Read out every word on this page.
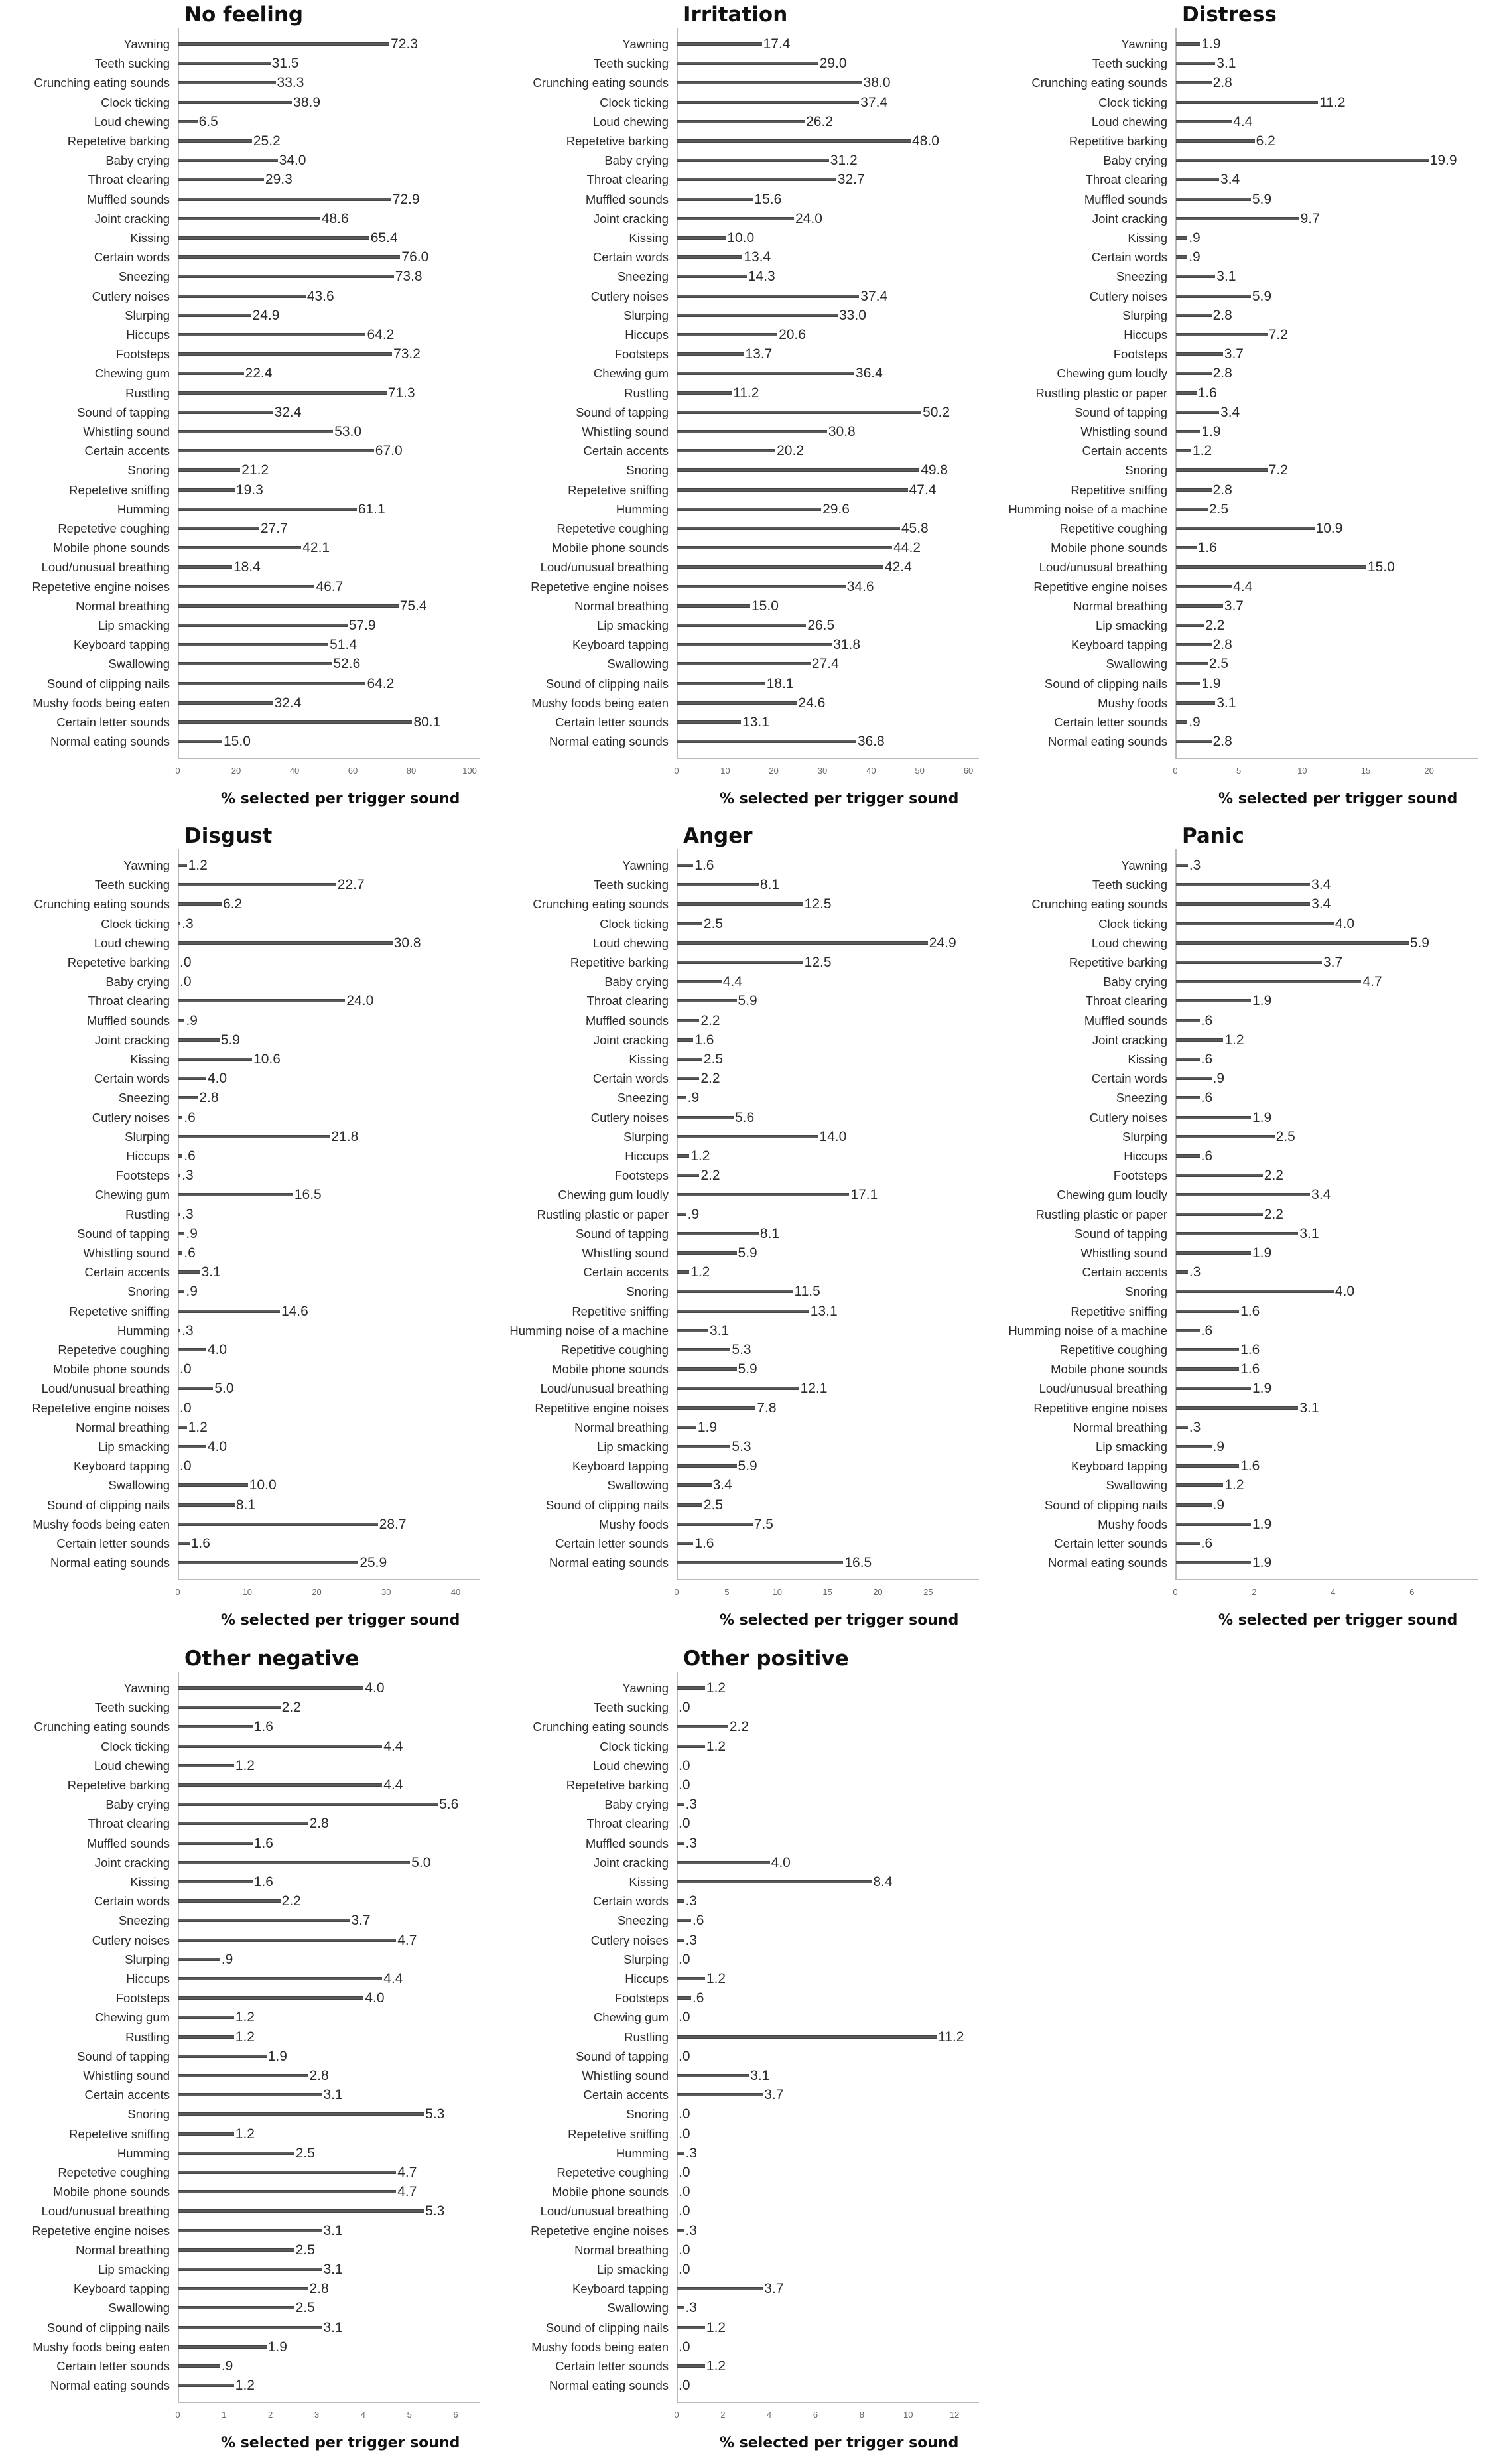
No feeling
Yawning	72.3
Teeth sucking	31.5
Crunching eating sounds	33.3
Clock ticking	38.9
Loud chewing 6.5
Repetetive barking	25.2
Baby crying	34.0
Throat clearing	29.3
Muffled sounds	72.9
Joint cracking	48.6
Kissing	65.4
Certain words	76.0
Sneezing	73.8
Cutlery noises	43.6
Slurping	24.9
Hiccups	64.2
Footsteps	73.2
Chewing gum	22.4
Rustling	71.3
Sound of tapping	32.4
Whistling sound	53.0
Certain accents	67.0
Snoring	21.2
Repetetive sniffing	19.3
Humming	61.1
Repetetive coughing	27.7
Mobile phone sounds	42.1
Loud/unusual breathing	18.4
Repetetive engine noises	46.7
Normal breathing	75.4
Lip smacking	57.9
Keyboard tapping	51.4
Swallowing	52.6
Sound of clipping nails	64.2
Mushy foods being eaten	32.4
Certain letter sounds	80.1
Normal eating sounds	15.0
0	20	40	60	80	100
% selected per trigger sound
Irritation
Yawning	17.4
Teeth sucking	29.0
Crunching eating sounds	38.0
Clock ticking	37.4
Loud chewing	26.2
Repetetive barking	48.0
Baby crying	31.2
Throat clearing	32.7
Muffled sounds	15.6
Joint cracking	24.0
Kissing	10.0
Certain words	13.4
Sneezing	14.3
Cutlery noises	37.4
Slurping	33.0
Hiccups	20.6
Footsteps	13.7
Chewing gum	36.4
Rustling	11.2
Sound of tapping	50.2
Whistling sound	30.8
Certain accents	20.2
Snoring	49.8
Repetetive sniffing	47.4
Humming	29.6
Repetetive coughing	45.8
Mobile phone sounds	44.2
Loud/unusual breathing	42.4
Repetetive engine noises	34.6
Normal breathing	15.0
Lip smacking	26.5
Keyboard tapping	31.8
Swallowing	27.4
Sound of clipping nails	18.1
Mushy foods being eaten	24.6
Certain letter sounds	13.1
Normal eating sounds	36.8
0	10	20	30	40	50	60
% selected per trigger sound
Distress
Yawning 1.9
Teeth sucking	3.1
Crunching eating sounds	2.8
Clock ticking	11.2
Loud chewing	4.4
Repetitive barking	6.2
Baby crying	19.9
Throat clearing	3.4
Muffled sounds	5.9
Joint cracking	9.7
Kissing .9
Certain words .9
Sneezing	3.1
Cutlery noises	5.9
Slurping	2.8
Hiccups	7.2
Footsteps	3.7
Chewing gum loudly	2.8
Rustling plastic or paper 1.6
Sound of tapping	3.4
Whistling sound 1.9
Certain accents 1.2
Snoring	7.2
Repetitive sniffing	2.8
Humming noise of a machine	2.5
Repetitive coughing	10.9
Mobile phone sounds 1.6
Loud/unusual breathing	15.0
Repetitive engine noises	4.4
Normal breathing	3.7
Lip smacking	2.2
Keyboard tapping	2.8
Swallowing	2.5
Sound of clipping nails 1.9
Mushy foods	3.1
Certain letter sounds .9
Normal eating sounds	2.8
0	5	10	15	20
% selected per trigger sound
Disgust
Yawning 1.2
Teeth sucking	22.7
Crunching eating sounds	6.2
Clock ticking .3
Loud chewing	30.8
Repetetive barking .0
Baby crying .0
Throat clearing	24.0
Muffled sounds .9
Joint cracking	5.9
Kissing	10.6
Certain words	4.0
Sneezing 2.8
Cutlery noises .6
Slurping	21.8
Hiccups .6
Footsteps .3
Chewing gum	16.5
Rustling .3
Sound of tapping .9
Whistling sound .6
Certain accents 3.1
Snoring .9
Repetetive sniffing	14.6
Humming .3
Repetetive coughing	4.0
Mobile phone sounds .0
Loud/unusual breathing	5.0
Repetetive engine noises .0
Normal breathing 1.2
Lip smacking	4.0
Keyboard tapping .0
Swallowing	10.0
Sound of clipping nails	8.1
Mushy foods being eaten	28.7
Certain letter sounds 1.6
Normal eating sounds	25.9
0	10	20	30	40
% selected per trigger sound
Anger
Yawning 1.6
Teeth sucking	8.1
Crunching eating sounds	12.5
Clock ticking	2.5
Loud chewing	24.9
Repetitive barking	12.5
Baby crying	4.4
Throat clearing	5.9
Muffled sounds 2.2
Joint cracking 1.6
Kissing	2.5
Certain words 2.2
Sneezing .9
Cutlery noises	5.6
Slurping	14.0
Hiccups 1.2
Footsteps 2.2
Chewing gum loudly	17.1
Rustling plastic or paper .9
Sound of tapping	8.1
Whistling sound	5.9
Certain accents 1.2
Snoring	11.5
Repetitive sniffing	13.1
Humming noise of a machine	3.1
Repetitive coughing	5.3
Mobile phone sounds	5.9
Loud/unusual breathing	12.1
Repetitive engine noises	7.8
Normal breathing 1.9
Lip smacking	5.3
Keyboard tapping	5.9
Swallowing	3.4
Sound of clipping nails	2.5
Mushy foods	7.5
Certain letter sounds 1.6
Normal eating sounds	16.5
0	5	10	15	20	25
% selected per trigger sound
Panic
Yawning .3
Teeth sucking	3.4
Crunching eating sounds	3.4
Clock ticking	4.0
Loud chewing	5.9
Repetitive barking	3.7
Baby crying	4.7
Throat clearing	1.9
Muffled sounds .6
Joint cracking	1.2
Kissing .6
Certain words	.9
Sneezing .6
Cutlery noises	1.9
Slurping	2.5
Hiccups .6
Footsteps	2.2
Chewing gum loudly	3.4
Rustling plastic or paper	2.2
Sound of tapping	3.1
Whistling sound	1.9
Certain accents .3
Snoring	4.0
Repetitive sniffing	1.6
Humming noise of a machine .6
Repetitive coughing	1.6
Mobile phone sounds	1.6
Loud/unusual breathing	1.9
Repetitive engine noises	3.1
Normal breathing .3
Lip smacking	.9
Keyboard tapping	1.6
Swallowing	1.2
Sound of clipping nails	.9
Mushy foods	1.9
Certain letter sounds .6
Normal eating sounds	1.9
0	2	4	6
% selected per trigger sound
Other negative
Yawning	4.0
Teeth sucking	2.2
Crunching eating sounds	1.6
Clock ticking	4.4
Loud chewing	1.2
Repetetive barking	4.4
Baby crying	5.6
Throat clearing	2.8
Muffled sounds	1.6
Joint cracking	5.0
Kissing	1.6
Certain words	2.2
Sneezing	3.7
Cutlery noises	4.7
Slurping	.9
Hiccups	4.4
Footsteps	4.0
Chewing gum	1.2
Rustling	1.2
Sound of tapping	1.9
Whistling sound	2.8
Certain accents	3.1
Snoring	5.3
Repetetive sniffing	1.2
Humming	2.5
Repetetive coughing	4.7
Mobile phone sounds	4.7
Loud/unusual breathing	5.3
Repetetive engine noises	3.1
Normal breathing	2.5
Lip smacking	3.1
Keyboard tapping	2.8
Swallowing	2.5
Sound of clipping nails	3.1
Mushy foods being eaten	1.9
Certain letter sounds	.9
Normal eating sounds	1.2
0	1	2	3	4	5	6
% selected per trigger sound
Other positive
Yawning	1.2
Teeth sucking .0
Crunching eating sounds	2.2
Clock ticking	1.2
Loud chewing .0
Repetetive barking .0
Baby crying .3
Throat clearing .0
Muffled sounds .3
Joint cracking	4.0
Kissing	8.4
Certain words .3
Sneezing .6
Cutlery noises .3
Slurping .0
Hiccups	1.2
Footsteps .6
Chewing gum .0
Rustling	11.2
Sound of tapping .0
Whistling sound	3.1
Certain accents	3.7
Snoring .0
Repetetive sniffing .0
Humming .3
Repetetive coughing .0
Mobile phone sounds .0
Loud/unusual breathing .0
Repetetive engine noises .3
Normal breathing .0
Lip smacking .0
Keyboard tapping	3.7
Swallowing .3
Sound of clipping nails	1.2
Mushy foods being eaten .0
Certain letter sounds	1.2
Normal eating sounds .0
0	2	4	6	8	10	12
% selected per trigger sound
